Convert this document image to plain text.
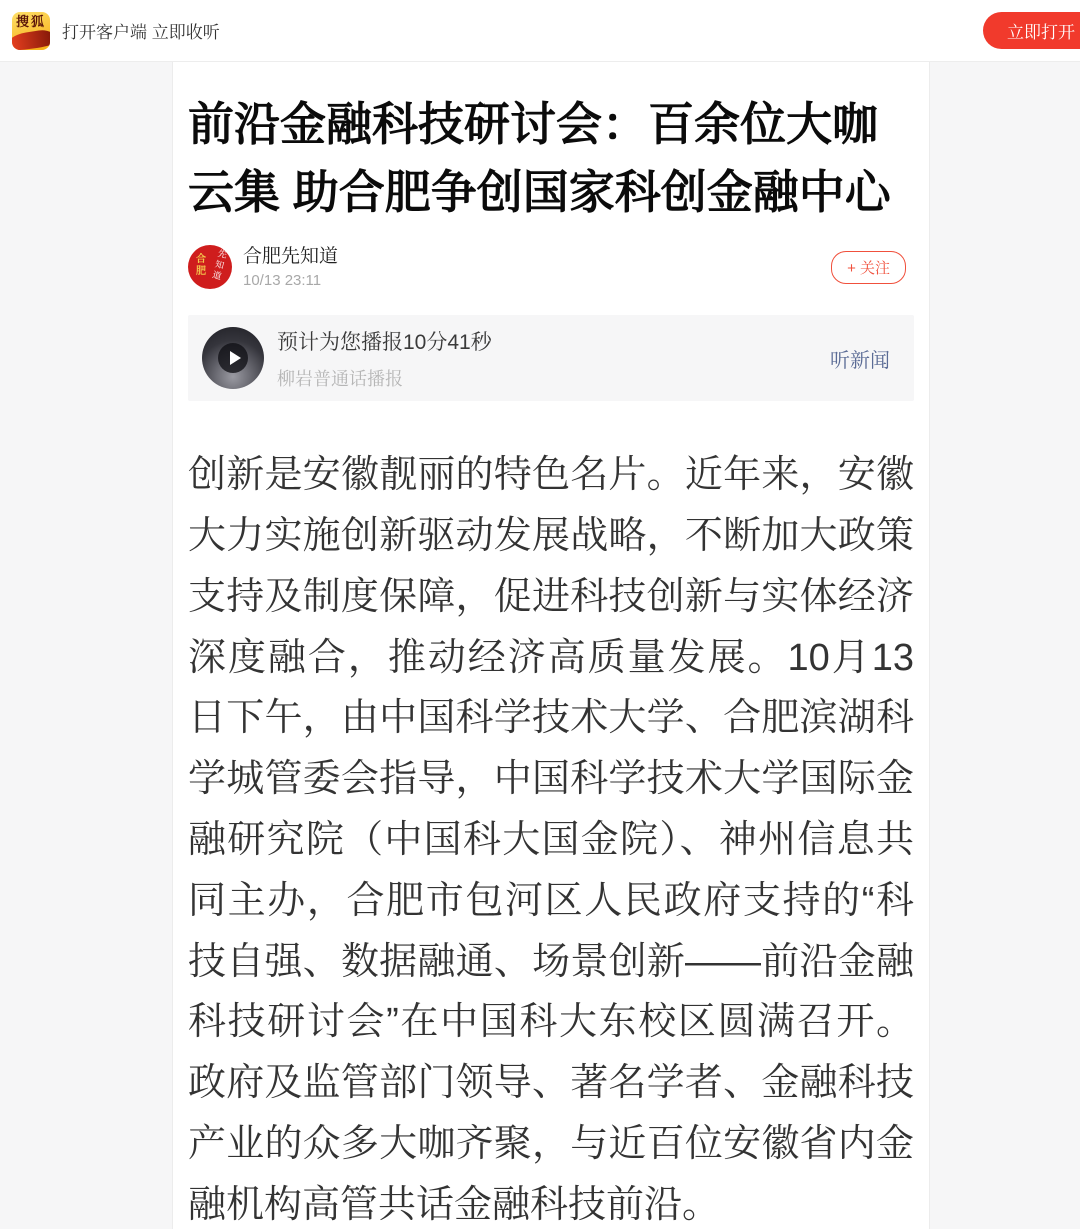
搜狐
打开客户端 立即收听	立即打开
前沿金融科技研讨会：百余位大咖云集 助合肥争创国家科创金融中心
合肥
先知道
合肥先知道
10/13 23:11
+ 关注
预计为您播报10分41秒
柳岩普通话播报
听新闻

创新是安徽靓丽的特色名片。近年来，安徽大力实施创新驱动发展战略，不断加大政策支持及制度保障，促进科技创新与实体经济深度融合，推动经济高质量发展。10月13日下午，由中国科学技术大学、合肥滨湖科学城管委会指导，中国科学技术大学国际金融研究院（中国科大国金院）、神州信息共同主办，合肥市包河区人民政府支持的“科技自强、数据融通、场景创新——前沿金融科技研讨会”在中国科大东校区圆满召开。政府及监管部门领导、著名学者、金融科技产业的众多大咖齐聚，与近百位安徽省内金融机构高管共话金融科技前沿。
